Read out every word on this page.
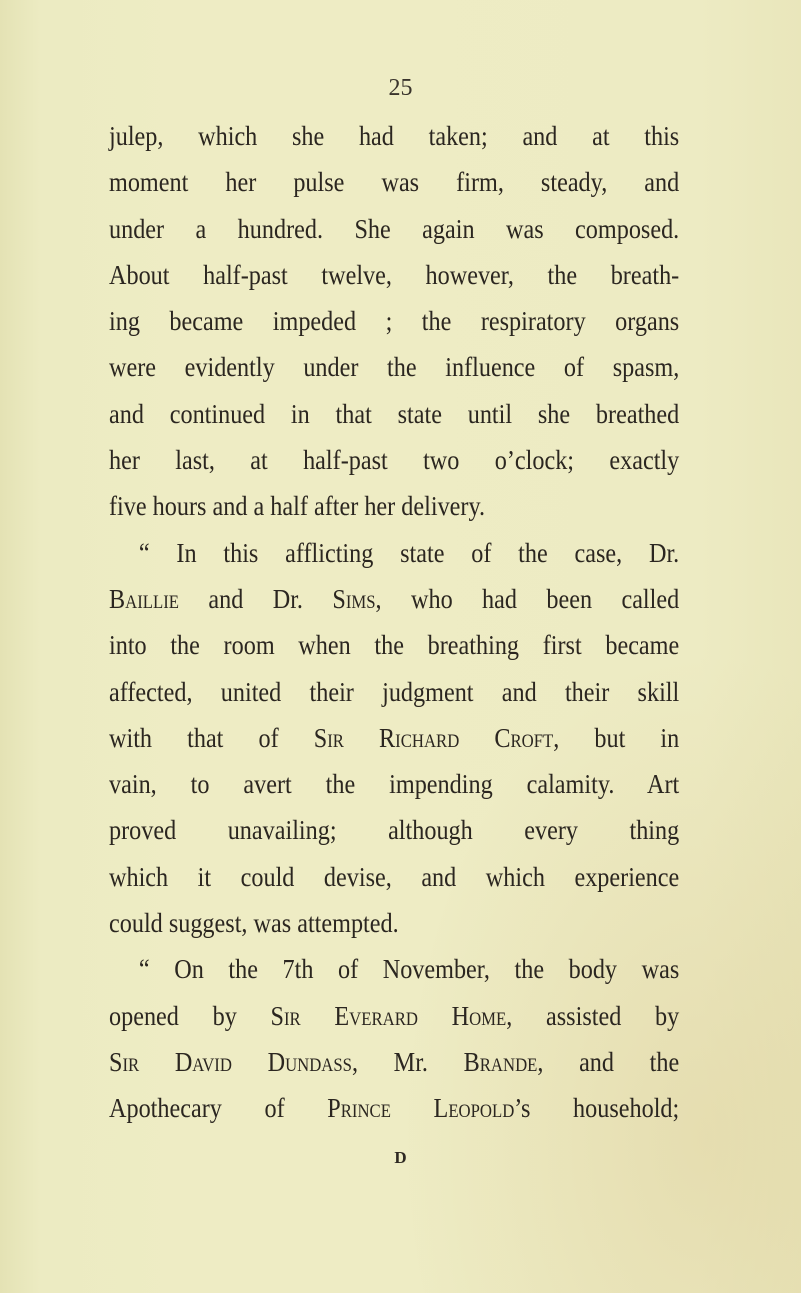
25
julep, which she had taken; and at this
moment her pulse was firm, steady, and
under a hundred. She again was composed.
About half-past twelve, however, the breath-
ing became impeded ; the respiratory organs
were evidently under the influence of spasm,
and continued in that state until she breathed
her last, at half-past two o’clock; exactly
five hours and a half after her delivery.
“ In this afflicting state of the case, Dr.
Baillie and Dr. Sims, who had been called
into the room when the breathing first became
affected, united their judgment and their skill
with that of Sir Richard Croft, but in
vain, to avert the impending calamity. Art
proved unavailing; although every thing
which it could devise, and which experience
could suggest, was attempted.
“ On the 7th of November, the body was
opened by Sir Everard Home, assisted by
Sir David Dundass, Mr. Brande, and the
Apothecary of Prince Leopold’s household;
D
